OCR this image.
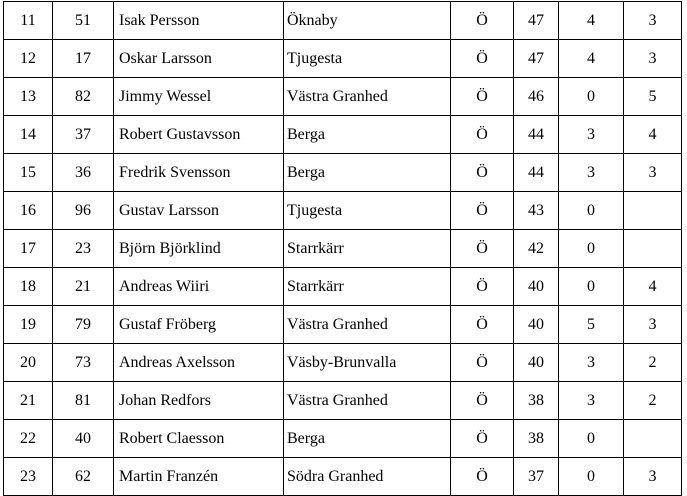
11	51	Isak Persson	Öknaby	Ö	47	4	3
12	17	Oskar Larsson	Tjugesta	Ö	47	4	3
13	82	Jimmy Wessel	Västra Granhed	Ö	46	0	5
14	37	Robert Gustavsson	Berga	Ö	44	3	4
15	36	Fredrik Svensson	Berga	Ö	44	3	3
16	96	Gustav Larsson	Tjugesta	Ö	43	0	
17	23	Björn Björklind	Starrkärr	Ö	42	0	
18	21	Andreas Wiiri	Starrkärr	Ö	40	0	4
19	79	Gustaf Fröberg	Västra Granhed	Ö	40	5	3
20	73	Andreas Axelsson	Väsby-Brunvalla	Ö	40	3	2
21	81	Johan Redfors	Västra Granhed	Ö	38	3	2
22	40	Robert Claesson	Berga	Ö	38	0	
23	62	Martin Franzén	Södra Granhed	Ö	37	0	3
